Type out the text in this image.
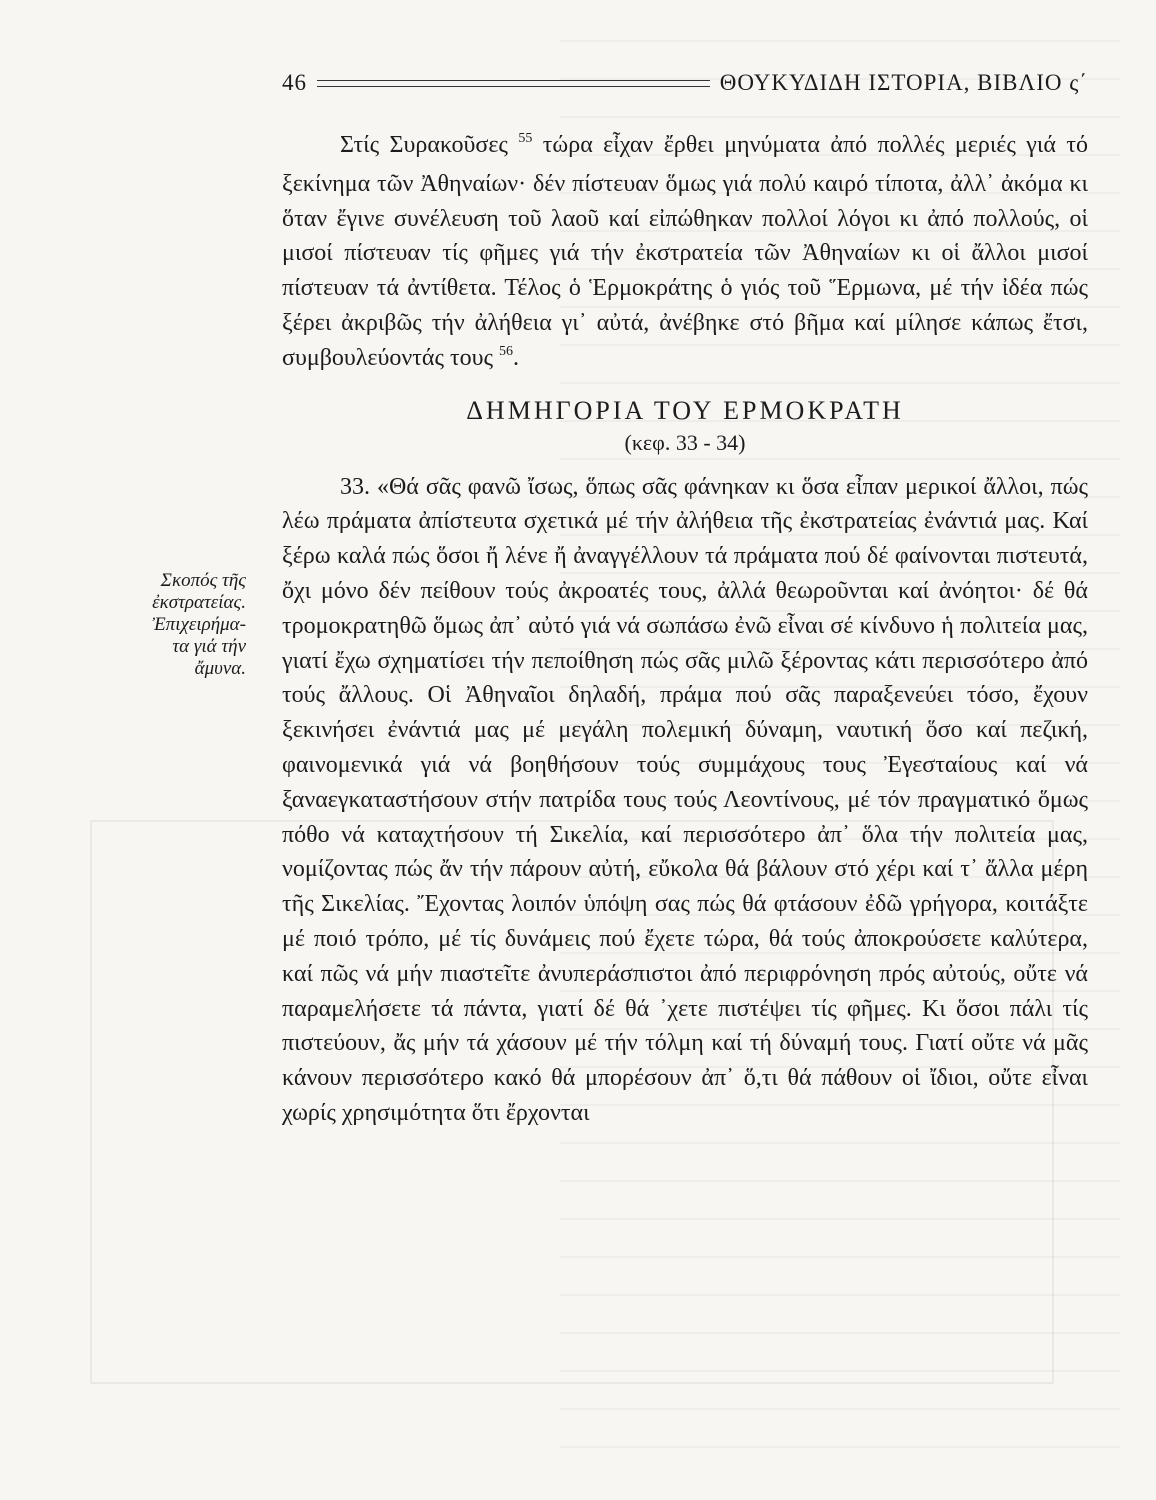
46	ΘΟΥΚΥΔΙΔΗ ΙΣΤΟΡΙΑ, ΒΙΒΛΙΟ ς΄
Σκοπός τῆς
ἐκστρατείας.
Ἐπιχειρήμα-
τα γιά τήν
ἄμυνα.

Στίς Συρακοῦσες $^{55}$ τώρα εἶχαν ἔρθει μηνύματα ἀπό πολλές μεριές γιά τό ξεκίνημα τῶν Ἀθηναίων· δέν πίστευαν ὅμως γιά πολύ καιρό τίποτα, ἀλλ᾽ ἀκόμα κι ὅταν ἔγινε συνέλευση τοῦ λαοῦ καί εἰπώθηκαν πολλοί λόγοι κι ἀπό πολλούς, οἱ μισοί πίστευαν τίς φῆμες γιά τήν ἐκστρατεία τῶν Ἀθηναίων κι οἱ ἄλλοι μισοί πίστευαν τά ἀντίθετα. Τέλος ὁ Ἑρμοκράτης ὁ γιός τοῦ Ἕρμωνα, μέ τήν ἰδέα πώς ξέρει ἀκριβῶς τήν ἀλήθεια γι᾽ αὐτά, ἀνέβηκε στό βῆμα καί μίλησε κάπως ἔτσι, συμβουλεύοντάς τους $^{56}$.

ΔΗΜΗΓΟΡΙΑ ΤΟΥ ΕΡΜΟΚΡΑΤΗ
(κεφ. 33 - 34)

33. «Θά σᾶς φανῶ ἴσως, ὅπως σᾶς φάνηκαν κι ὅσα εἶπαν μερικοί ἄλλοι, πώς λέω πράματα ἀπίστευτα σχετικά μέ τήν ἀλήθεια τῆς ἐκστρατείας ἐνάντιά μας. Καί ξέρω καλά πώς ὅσοι ἤ λένε ἤ ἀναγγέλλουν τά πράματα πού δέ φαίνονται πιστευτά, ὄχι μόνο δέν πείθουν τούς ἀκροατές τους, ἀλλά θεωροῦνται καί ἀνόητοι· δέ θά τρομοκρατηθῶ ὅμως ἀπ᾽ αὐτό γιά νά σωπάσω ἐνῶ εἶναι σέ κίνδυνο ἡ πολιτεία μας, γιατί ἔχω σχηματίσει τήν πεποίθηση πώς σᾶς μιλῶ ξέροντας κάτι περισσότερο ἀπό τούς ἄλλους. Οἱ Ἀθηναῖοι δηλαδή, πράμα πού σᾶς παραξενεύει τόσο, ἔχουν ξεκινήσει ἐνάντιά μας μέ μεγάλη πολεμική δύναμη, ναυτική ὅσο καί πεζική, φαινομενικά γιά νά βοηθήσουν τούς συμμάχους τους Ἐγεσταίους καί νά ξαναεγκαταστήσουν στήν πατρίδα τους τούς Λεοντίνους, μέ τόν πραγματικό ὅμως πόθο νά καταχτήσουν τή Σικελία, καί περισσότερο ἀπ᾽ ὅλα τήν πολιτεία μας, νομίζοντας πώς ἄν τήν πάρουν αὐτή, εὔκολα θά βάλουν στό χέρι καί τ᾽ ἄλλα μέρη τῆς Σικελίας. Ἔχοντας λοιπόν ὑπόψη σας πώς θά φτάσουν ἐδῶ γρήγορα, κοιτάξτε μέ ποιό τρόπο, μέ τίς δυνάμεις πού ἔχετε τώρα, θά τούς ἀποκρούσετε καλύτερα, καί πῶς νά μήν πιαστεῖτε ἀνυπεράσπιστοι ἀπό περιφρόνηση πρός αὐτούς, οὔτε νά παραμελήσετε τά πάντα, γιατί δέ θά ᾽χετε πιστέψει τίς φῆμες. Κι ὅσοι πάλι τίς πιστεύουν, ἄς μήν τά χάσουν μέ τήν τόλμη καί τή δύναμή τους. Γιατί οὔτε νά μᾶς κάνουν περισσότερο κακό θά μπορέσουν ἀπ᾽ ὅ,τι θά πάθουν οἱ ἴδιοι, οὔτε εἶναι χωρίς χρησιμότητα ὅτι ἔρχονται
